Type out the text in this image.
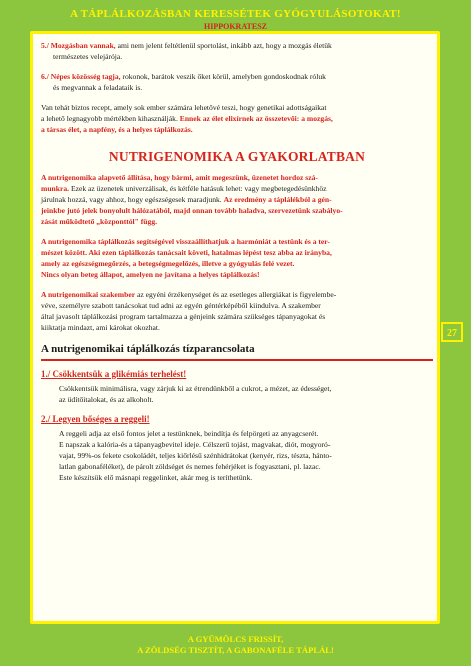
A TÁPLÁLKOZÁSBAN KERESSÉTEK GYÓGYULÁSOTOKAT!
HIPPOKRATESZ

5./ Mozgásban vannak, ami nem jelent feltétlenül sportolást, inkább azt, hogy a mozgás életük

természetes velejárója.

6./ Népes közösség tagja, rokonok, barátok veszik őket körül, amelyben gondoskodnak róluk

és megvannak a feladataik is.

Van tehát biztos recept, amely sok ember számára lehetővé teszi, hogy genetikai adottságaikat

a lehető legnagyobb mértékben kihasználják. Ennek az élet elixírnek az összetevői: a mozgás,

a társas élet, a napfény, és a helyes táplálkozás.

NUTRIGENOMIKA A GYAKORLATBAN

A nutrigenomika alapvető állítása, hogy bármi, amit megeszünk, üzenetet hordoz szá-

munkra. Ezek az üzenetek univerzálisak, és kétféle hatásuk lehet: vagy megbetegedésünkhöz

járulnak hozzá, vagy ahhoz, hogy egészségesek maradjunk. Az eredmény a táplálékból a gén-

jeinkbe jutó jelek bonyolult hálózatából, majd onnan tovább haladva, szervezetünk szabályo-

zását működtető „központtól" függ.

A nutrigenomika táplálkozás segítségével visszaállíthatjuk a harmóniát a testünk és a ter-

mészet között. Aki ezen táplálkozás tanácsait követi, hatalmas lépést tesz abba az irányba,

amely az egészségmegőrzés, a betegségmegelőzés, illetve a gyógyulás felé vezet.

Nincs olyan beteg állapot, amelyen ne javítana a helyes táplálkozás!

A nutrigenomikai szakember az egyéni érzékenységet és az esetleges allergiákat is figyelembe-

véve, személyre szabott tanácsokat tud adni az egyén géntérképéből kiindulva. A szakember

által javasolt táplálkozási program tartalmazza a génjeink számára szükséges tápanyagokat és

kiiktatja mindazt, ami károkat okozhat.

A nutrigenomikai táplálkozás tízparancsolata

1./ Csökkentsük a glikémiás terhelést!

Csökkentsük minimálisra, vagy zárjuk ki az étrendünkből a cukrot, a mézet, az édességet,

az üdítőitalokat, és az alkoholt.

2./ Legyen bőséges a reggeli!

A reggeli adja az első fontos jelet a testünknek, beindítja és felpörgeti az anyagcserét.

E napszak a kalória-és a tápanyagbevitel ideje. Célszerű tojást, magvakat, diót, mogyoró-

vajat, 99%-os fekete csokoládét, teljes kiőrlésű szénhidrátokat (kenyér, rizs, tészta, hánto-

latlan gabonaféléket), de párolt zöldséget és nemes fehérjéket is fogyasztani, pl. lazac.

Este készítsük elő másnapi reggelinket, akár meg is teríthetünk.

27
A GYÜMÖLCS FRISSÍT,
A ZÖLDSÉG TISZTÍT, A GABONAFÉLE TÁPLÁL!
